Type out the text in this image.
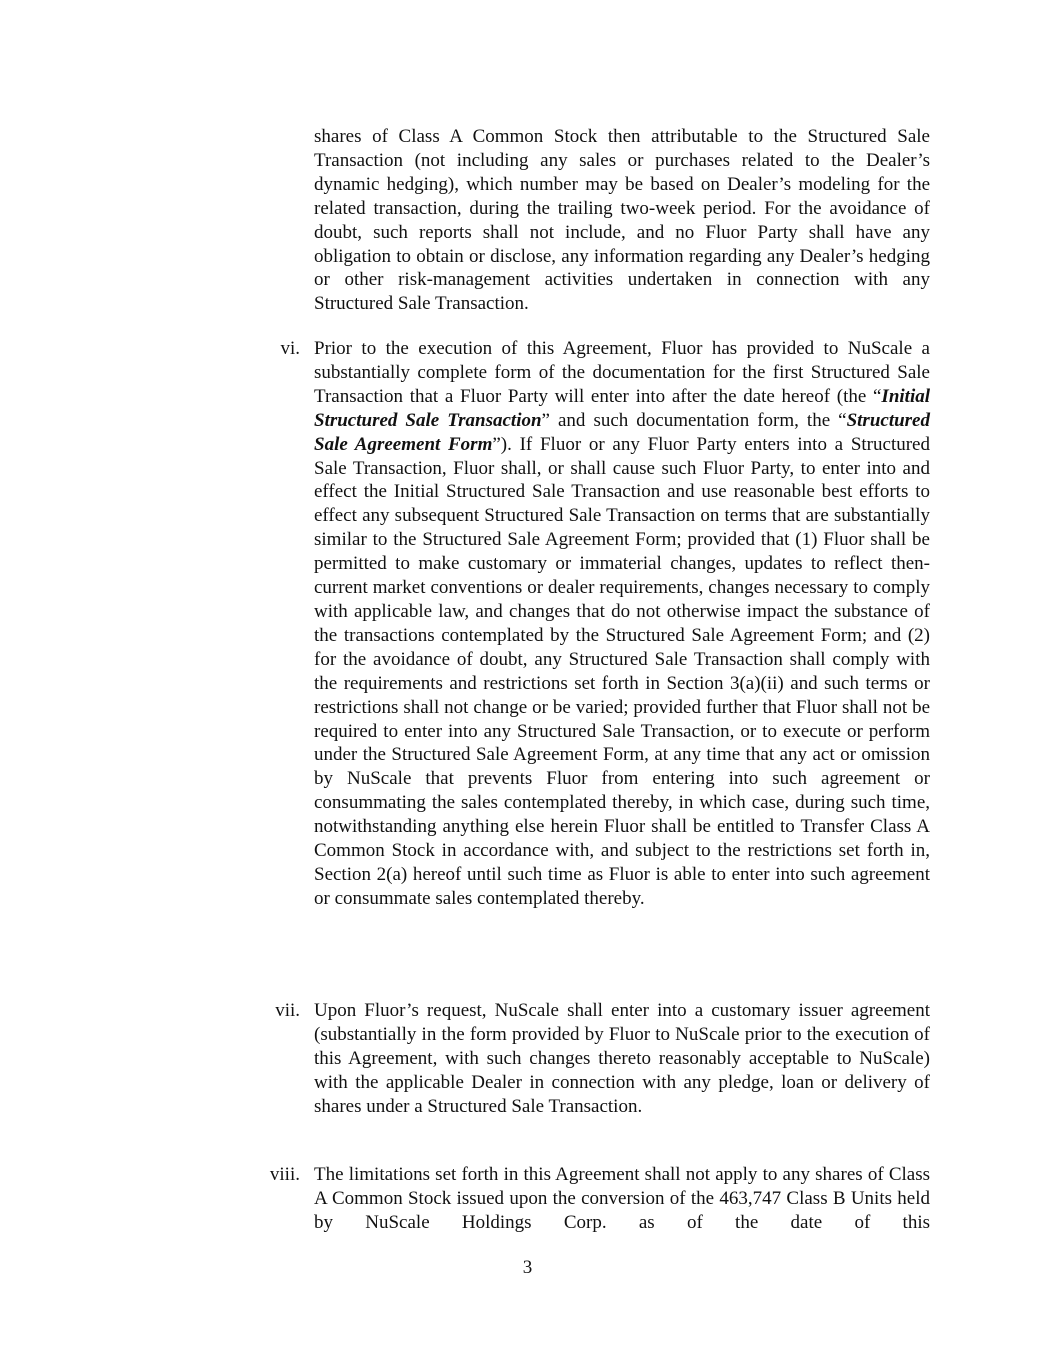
shares of Class A Common Stock then attributable to the Structured Sale Transaction (not including any sales or purchases related to the Dealer’s dynamic hedging), which number may be based on Dealer’s modeling for the related transaction, during the trailing two-week period. For the avoidance of doubt, such reports shall not include, and no Fluor Party shall have any obligation to obtain or disclose, any information regarding any Dealer’s hedging or other risk-management activities undertaken in connection with any Structured Sale Transaction.
vi. Prior to the execution of this Agreement, Fluor has provided to NuScale a substantially complete form of the documentation for the first Structured Sale Transaction that a Fluor Party will enter into after the date hereof (the “Initial Structured Sale Transaction” and such documentation form, the “Structured Sale Agreement Form”). If Fluor or any Fluor Party enters into a Structured Sale Transaction, Fluor shall, or shall cause such Fluor Party, to enter into and effect the Initial Structured Sale Transaction and use reasonable best efforts to effect any subsequent Structured Sale Transaction on terms that are substantially similar to the Structured Sale Agreement Form; provided that (1) Fluor shall be permitted to make customary or immaterial changes, updates to reflect then-current market conventions or dealer requirements, changes necessary to comply with applicable law, and changes that do not otherwise impact the substance of the transactions contemplated by the Structured Sale Agreement Form; and (2) for the avoidance of doubt, any Structured Sale Transaction shall comply with the requirements and restrictions set forth in Section 3(a)(ii) and such terms or restrictions shall not change or be varied; provided further that Fluor shall not be required to enter into any Structured Sale Transaction, or to execute or perform under the Structured Sale Agreement Form, at any time that any act or omission by NuScale that prevents Fluor from entering into such agreement or consummating the sales contemplated thereby, in which case, during such time, notwithstanding anything else herein Fluor shall be entitled to Transfer Class A Common Stock in accordance with, and subject to the restrictions set forth in, Section 2(a) hereof until such time as Fluor is able to enter into such agreement or consummate sales contemplated thereby.
vii. Upon Fluor’s request, NuScale shall enter into a customary issuer agreement (substantially in the form provided by Fluor to NuScale prior to the execution of this Agreement, with such changes thereto reasonably acceptable to NuScale) with the applicable Dealer in connection with any pledge, loan or delivery of shares under a Structured Sale Transaction.
viii. The limitations set forth in this Agreement shall not apply to any shares of Class A Common Stock issued upon the conversion of the 463,747 Class B Units held by NuScale Holdings Corp. as of the date of this
3
